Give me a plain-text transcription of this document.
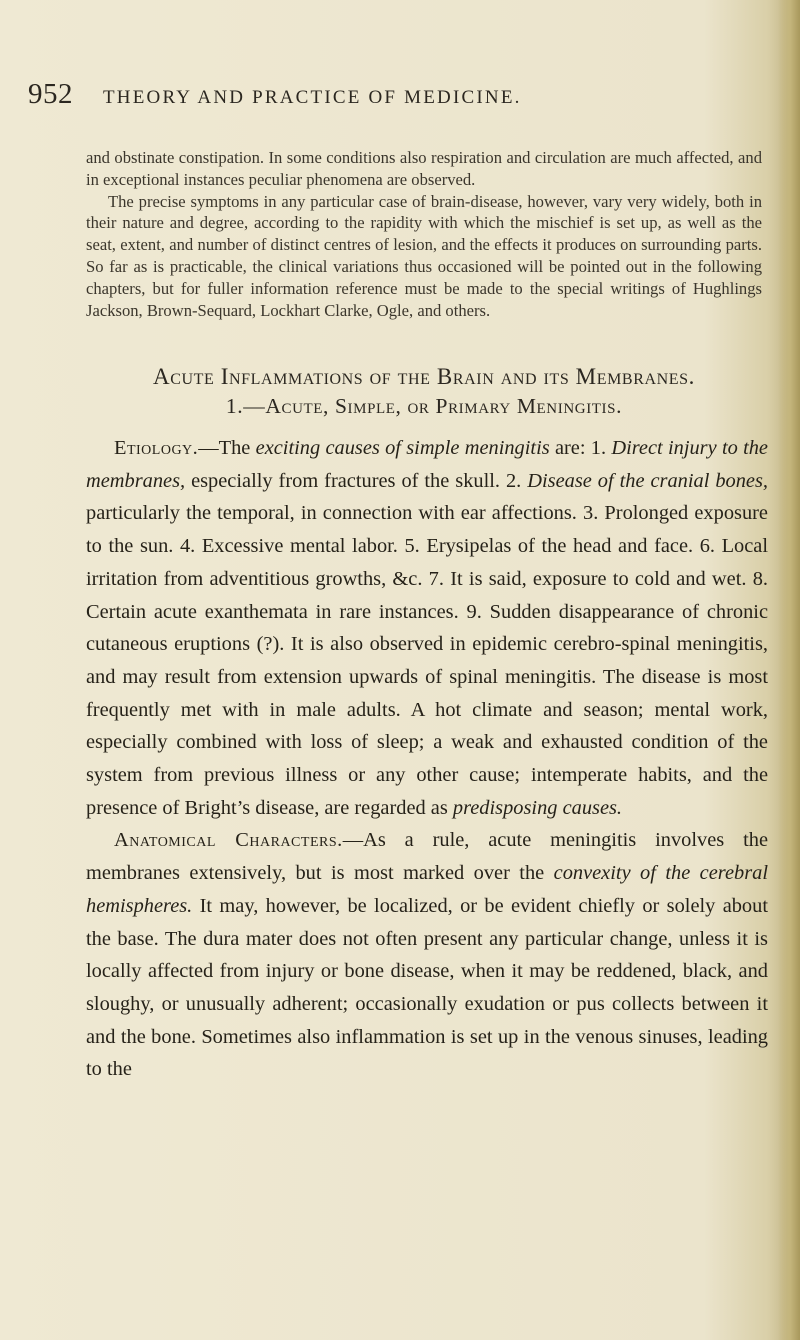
952 THEORY AND PRACTICE OF MEDICINE.

and obstinate constipation. In some conditions also respiration and circulation are much affected, and in exceptional instances peculiar phenomena are observed.

The precise symptoms in any particular case of brain-disease, however, vary very widely, both in their nature and degree, according to the rapidity with which the mischief is set up, as well as the seat, extent, and number of distinct centres of lesion, and the effects it produces on surrounding parts. So far as is practicable, the clinical variations thus occasioned will be pointed out in the following chapters, but for fuller information reference must be made to the special writings of Hughlings Jackson, Brown-Sequard, Lockhart Clarke, Ogle, and others.

Acute Inflammations of the Brain and its Membranes.
1.—Acute, Simple, or Primary Meningitis.

Etiology.—The exciting causes of simple meningitis are: 1. Direct injury to the membranes, especially from fractures of the skull. 2. Disease of the cranial bones, particularly the temporal, in connection with ear affections. 3. Prolonged exposure to the sun. 4. Excessive mental labor. 5. Erysipelas of the head and face. 6. Local irritation from adventitious growths, &c. 7. It is said, exposure to cold and wet. 8. Certain acute exanthemata in rare instances. 9. Sudden disappearance of chronic cutaneous eruptions (?). It is also observed in epidemic cerebro-spinal meningitis, and may result from extension upwards of spinal meningitis. The disease is most frequently met with in male adults. A hot climate and season; mental work, especially combined with loss of sleep; a weak and exhausted condition of the system from previous illness or any other cause; intemperate habits, and the presence of Bright’s disease, are regarded as predisposing causes.

Anatomical Characters.—As a rule, acute meningitis involves the membranes extensively, but is most marked over the convexity of the cerebral hemispheres. It may, however, be localized, or be evident chiefly or solely about the base. The dura mater does not often present any particular change, unless it is locally affected from injury or bone disease, when it may be reddened, black, and sloughy, or unusually adherent; occasionally exudation or pus collects between it and the bone. Sometimes also inflammation is set up in the venous sinuses, leading to the
